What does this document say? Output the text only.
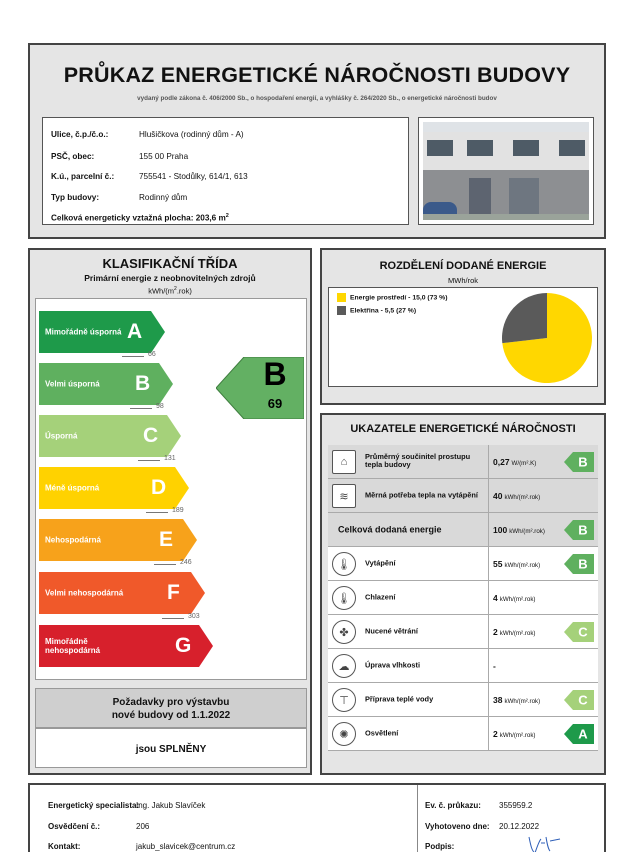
PRŮKAZ ENERGETICKÉ NÁROČNOSTI BUDOVY
vydaný podle zákona č. 406/2000 Sb., o hospodaření energií, a vyhlášky č. 264/2020 Sb., o energetické náročnosti budov
Ulice, č.p./č.o.:	Hlušičkova (rodinný dům - A)
PSČ, obec:	155 00 Praha
K.ú., parcelní č.:	755541 - Stodůlky, 614/1, 613
Typ budovy:	Rodinný dům
Celková energeticky vztažná plocha: 203,6 $m^2$
KLASIFIKAČNÍ TŘÍDA
Primární energie z neobnovitelných zdrojů
kWh/$(m^2.rok)$
Mimořádně úsporná A
Velmi úsporná	B
Úsporná	C
Méně úsporná	D
Nehospodárná	E
Velmi nehospodárná F
Mimořádně nehospodárná	G
66
98
131
189
246
303
B
69
Požadavky pro výstavbu
nové budovy od 1.1.2022
jsou SPLNĚNY
ROZDĚLENÍ DODANÉ ENERGIE
MWh/rok
Energie prostředí - 15,0 (73 %)
Elektřina - 5,5 (27 %)
UKAZATELE ENERGETICKÉ NÁROČNOSTI
⌂	Průměrný součinitel prostupu tepla budovy	0,27 W/(m².K)	B
≋	Měrná potřeba tepla na vytápění	40 kWh/(m².rok)
Celková dodaná energie	100 kWh/(m².rok)	B
🌡	Vytápění	55 kWh/(m².rok)	B
🌡	Chlazení	4 kWh/(m².rok)
✤	Nucené větrání	2 kWh/(m².rok)	C
☁	Úprava vlhkosti	-
⊤	Příprava teplé vody	38 kWh/(m².rok)	C
✺	Osvětlení	2 kWh/(m².rok)	A
Energetický specialista:Ing. Jakub Slavíček
Osvědčení č.:	206
Kontakt:	jakub_slavicek@centrum.cz
Ev. č. průkazu: 355959.2
Vyhotoveno dne: 20.12.2022
Podpis:
